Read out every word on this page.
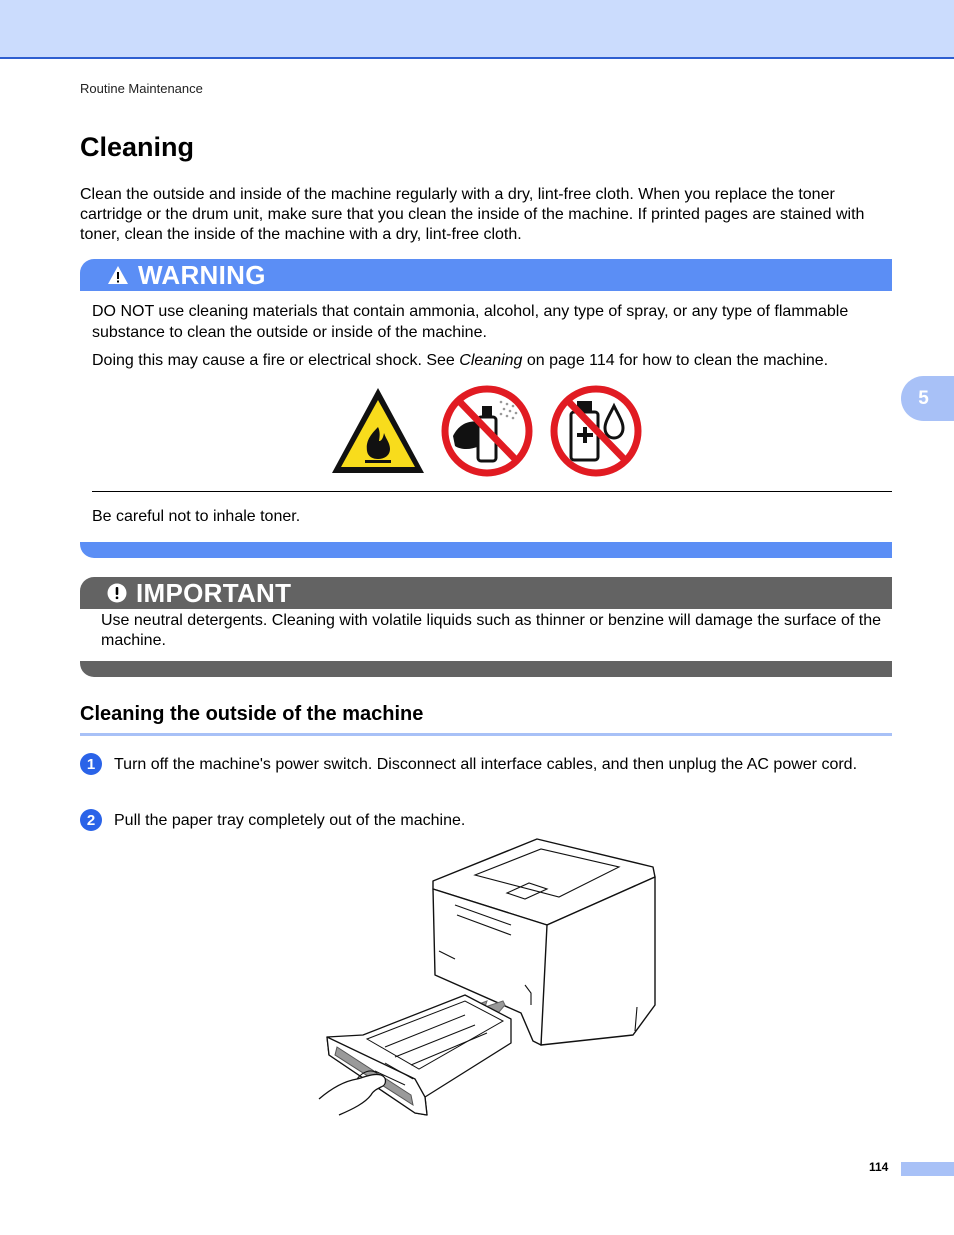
Routine Maintenance
5
Cleaning

Clean the outside and inside of the machine regularly with a dry, lint-free cloth. When you replace the toner cartridge or the drum unit, make sure that you clean the inside of the machine. If printed pages are stained with toner, clean the inside of the machine with a dry, lint-free cloth.

WARNING

DO NOT use cleaning materials that contain ammonia, alcohol, any type of spray, or any type of flammable substance to clean the outside or inside of the machine.

Doing this may cause a fire or electrical shock. See Cleaning on page 114 for how to clean the machine.

Be careful not to inhale toner.

IMPORTANT

Use neutral detergents. Cleaning with volatile liquids such as thinner or benzine will damage the surface of the machine.

Cleaning the outside of the machine
1	Turn off the machine's power switch. Disconnect all interface cables, and then unplug the AC power cord.

2	Pull the paper tray completely out of the machine.

114
